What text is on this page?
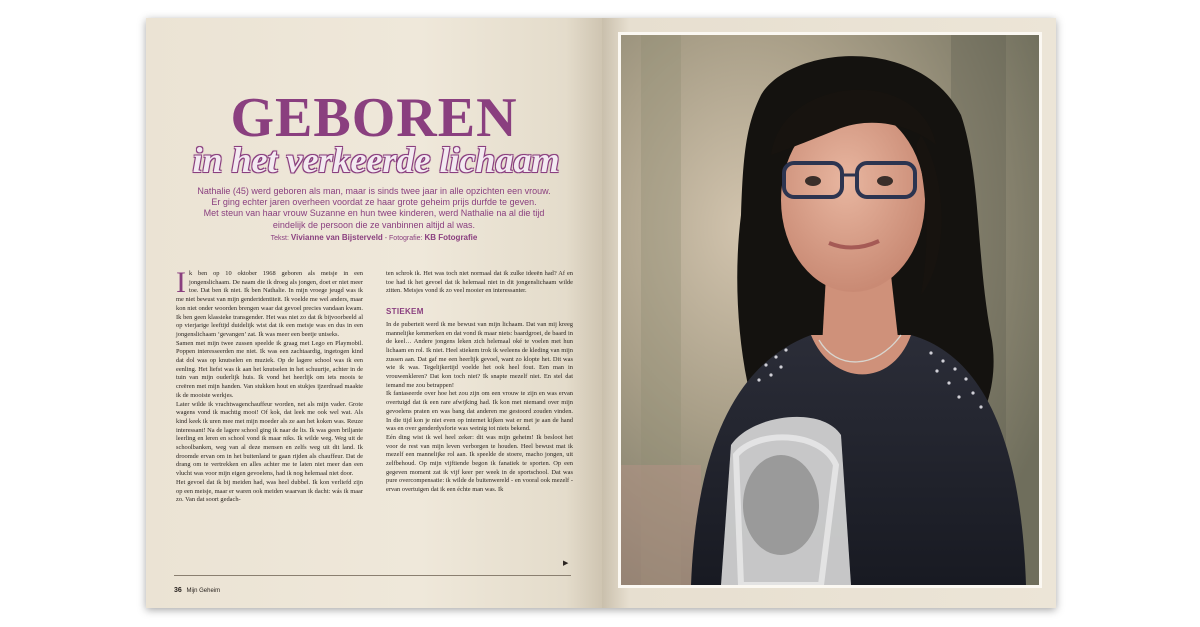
GEBOREN
in het verkeerde lichaam

Nathalie (45) werd geboren als man, maar is sinds twee jaar in alle opzichten een vrouw.
Er ging echter jaren overheen voordat ze haar grote geheim prijs durfde te geven.
Met steun van haar vrouw Suzanne en hun twee kinderen, werd Nathalie na al die tijd
eindelijk de persoon die ze vanbinnen altijd al was.

Tekst: Vivianne van Bijsterveld - Fotografie: KB Fotografie

Ik ben op 10 oktober 1968 geboren als meisje in een jongenslichaam. De naam die ik droeg als jongen, doet er niet meer toe. Dat ben ik niet. Ik ben Nathalie. In mijn vroege jeugd was ik me niet bewust van mijn genderidentiteit. Ik voelde me wel anders, maar kon niet onder woorden brengen waar dat gevoel precies vandaan kwam. Ik ben geen klassieke transgender. Het was niet zo dat ik bijvoorbeeld al op vierjarige leeftijd duidelijk wist dat ik een meisje was en dus in een jongenslichaam ‘gevangen’ zat. Ik was meer een beetje uniseks.

Samen met mijn twee zussen speelde ik graag met Lego en Playmobil. Poppen interesseerden me niet. Ik was een zachtaardig, ingetogen kind dat dol was op knutselen en muziek. Op de lagere school was ik een eenling. Het liefst was ik aan het knutselen in het schuurtje, achter in de tuin van mijn ouderlijk huis. Ik vond het heerlijk om iets moois te creëren met mijn handen. Van stukken hout en stukjes ijzerdraad maakte ik de mooiste werkjes.

Later wilde ik vrachtwagenchauffeur worden, net als mijn vader. Grote wagens vond ik machtig mooi! Of kok, dat leek me ook wel wat. Als kind keek ik uren mee met mijn moeder als ze aan het koken was. Reuze interessant! Na de lagere school ging ik naar de lts. Ik was geen briljante leerling en leren en school vond ik maar niks. Ik wilde weg. Weg uit de schoolbanken, weg van al deze mensen en zelfs weg uit dit land. Ik droomde ervan om in het buitenland te gaan rijden als chauffeur. Dat de drang om te vertrekken en alles achter me te laten niet meer dan een vlucht was voor mijn eigen gevoelens, had ik nog helemaal niet door.

Het gevoel dat ik bij meiden had, was heel dubbel. Ik kon verliefd zijn op een meisje, maar er waren ook meiden waarvan ik dacht: wás ik maar zo. Van dat soort gedach-

ten schrok ik. Het was toch niet normaal dat ik zulke ideeën had? Af en toe had ik het gevoel dat ik helemaal niet in dit jongenslichaam wilde zitten. Meisjes vond ik zo veel mooier en interessanter.

STIEKEM

In de puberteit werd ik me bewust van mijn lichaam. Dat van mij kreeg mannelijke kenmerken en dat vond ik maar niets: baardgroei, de baard in de keel… Andere jongens leken zich helemaal oké te voelen met hun lichaam en rol. Ik niet. Heel stiekem trok ik weleens de kleding van mijn zussen aan. Dat gaf me een heerlijk gevoel, want zo klopte het. Dit was wie ik was. Tegelijkertijd voelde het ook heel fout. Een man in vrouwenkleren? Dat kon toch niet? Ik snapte mezelf niet. En stel dat iemand me zou betrappen!

Ik fantaseerde over hoe het zou zijn om een vrouw te zijn en was ervan overtuigd dat ik een rare afwijking had. Ik kon met niemand over mijn gevoelens praten en was bang dat anderen me gestoord zouden vinden. In die tijd kon je niet even op internet kijken wat er met je aan de hand was en over genderdysforie was weinig tot niets bekend.

Eén ding wist ik wel heel zeker: dit was mijn geheim! Ik besloot het voor de rest van mijn leven verborgen te houden. Heel bewust mat ik mezelf een mannelijke rol aan. Ik speelde de stoere, macho jongen, uit zelfbehoud. Op mijn vijftiende begon ik fanatiek te sporten. Op een gegeven moment zat ik vijf keer per week in de sportschool. Dat was pure overcompensatie: ik wilde de buitenwereld - en vooral ook mezelf - ervan overtuigen dat ik een échte man was. Ik

▶
36 Mijn Geheim
